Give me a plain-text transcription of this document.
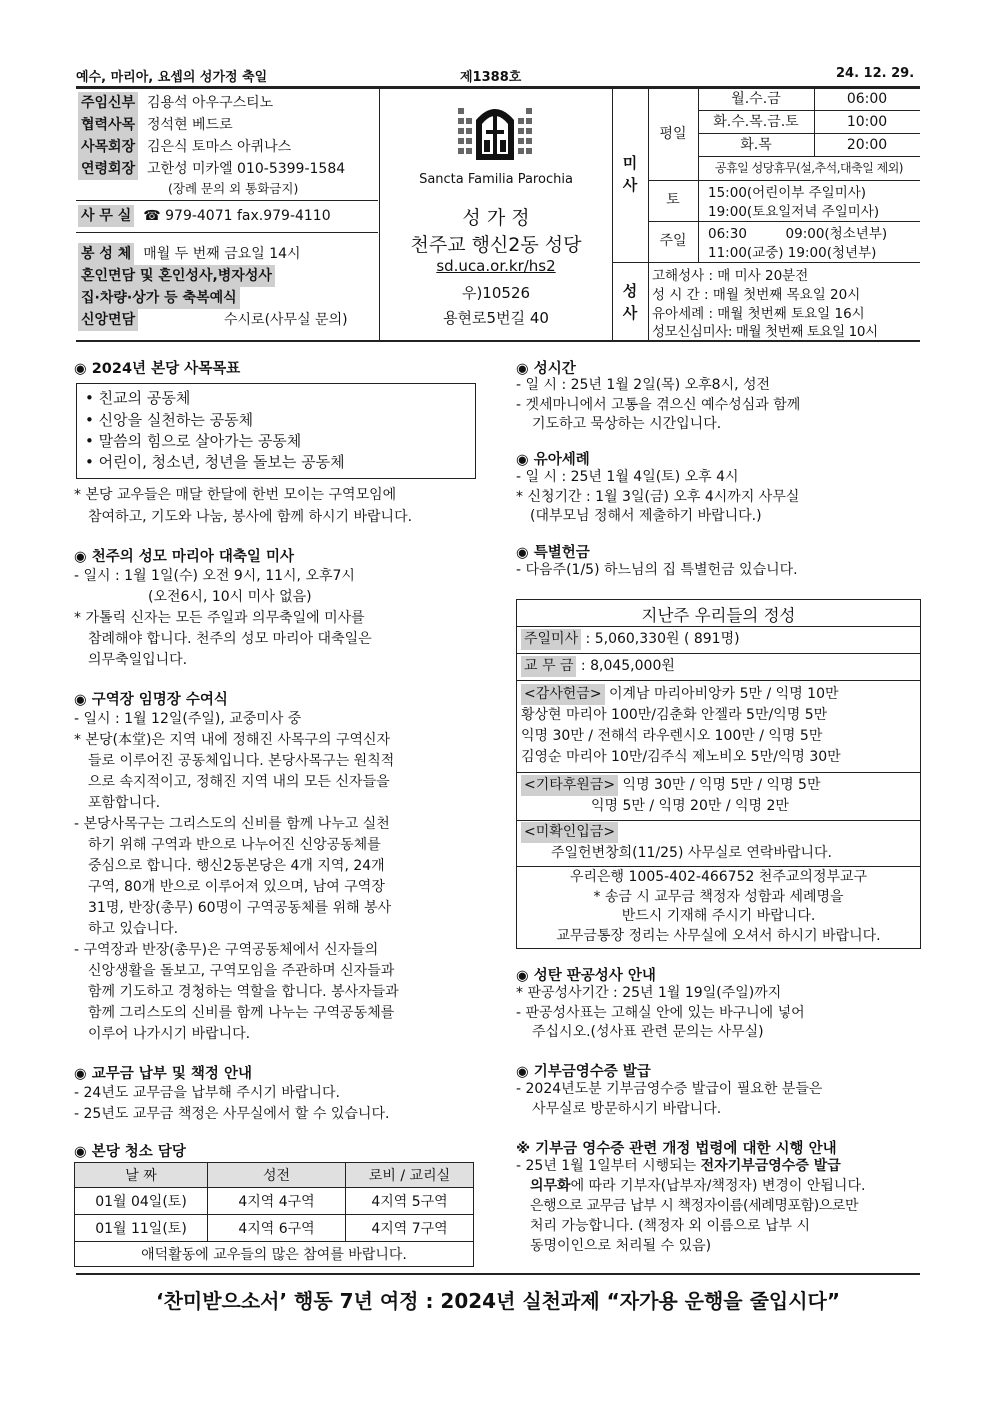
예수, 마리아, 요셉의 성가정 축일	제1388호	24. 12. 29.
주임신부 김용석 아우구스티노
협력사목 정석현 베드로
사목회장 김은식 토마스 아퀴나스
연령회장 고한성 미카엘 010-5399-1584
(장례 문의 외 통화금지)
사 무 실 ☎ 979-4071 fax.979-4110
봉 성 체 매월 두 번째 금요일 14시
혼인면담 및 혼인성사,병자성사
집·차량·상가 등 축복예식
신앙면담	수시로(사무실 문의)
Sancta Familia Parochia
성 가 정
천주교 행신2동 성당
sd.uca.or.kr/hs2
우)10526
용현로5번길 40
미
사
평일
월.수.금	06:00
화.수.목.금.토	10:00
화.목	20:00
공휴일 성당휴무(설,추석,대축일 제외)
토	15:00(어린이부 주일미사)
19:00(토요일저녁 주일미사)
주일	06:30         09:00(청소년부)
11:00(교중) 19:00(청년부)
성
사
고해성사 : 매 미사 20분전
성 시 간 : 매월 첫번째 목요일 20시
유아세례 : 매월 첫번째 토요일 16시
성모신심미사: 매월 첫번째 토요일 10시
◉ 2024년 본당 사목목표
• 친교의 공동체
• 신앙을 실천하는 공동체
• 말씀의 힘으로 살아가는 공동체
• 어린이, 청소년, 청년을 돌보는 공동체
* 본당 교우들은 매달 한달에 한번 모이는 구역모임에
참여하고, 기도와 나눔, 봉사에 함께 하시기 바랍니다.
◉ 천주의 성모 마리아 대축일 미사
- 일시 : 1월 1일(수) 오전 9시, 11시, 오후7시
(오전6시, 10시 미사 없음)
* 가톨릭 신자는 모든 주일과 의무축일에 미사를
참례해야 합니다. 천주의 성모 마리아 대축일은
의무축일입니다.
◉ 구역장 임명장 수여식
- 일시 : 1월 12일(주일), 교중미사 중
* 본당(本堂)은 지역 내에 정해진 사목구의 구역신자
들로 이루어진 공동체입니다. 본당사목구는 원칙적
으로 속지적이고, 정해진 지역 내의 모든 신자들을
포함합니다.
- 본당사목구는 그리스도의 신비를 함께 나누고 실천
하기 위해 구역과 반으로 나누어진 신앙공동체를
중심으로 합니다. 행신2동본당은 4개 지역, 24개
구역, 80개 반으로 이루어져 있으며, 남여 구역장
31명, 반장(총무) 60명이 구역공동체를 위해 봉사
하고 있습니다.
- 구역장과 반장(총무)은 구역공동체에서 신자들의
신앙생활을 돌보고, 구역모임을 주관하며 신자들과
함께 기도하고 경청하는 역할을 합니다. 봉사자들과
함께 그리스도의 신비를 함께 나누는 구역공동체를
이루어 나가시기 바랍니다.
◉ 교무금 납부 및 책정 안내
- 24년도 교무금을 납부해 주시기 바랍니다.
- 25년도 교무금 책정은 사무실에서 할 수 있습니다.
◉ 본당 청소 담당
날 짜	성전	로비 / 교리실
01월 04일(토)	4지역 4구역	4지역 5구역
01월 11일(토)	4지역 6구역	4지역 7구역
애덕활동에 교우들의 많은 참여를 바랍니다.		
◉ 성시간
- 일 시 : 25년 1월 2일(목) 오후8시, 성전
- 겟세마니에서 고통을 겪으신 예수성심과 함께
기도하고 묵상하는 시간입니다.
◉ 유아세례
- 일 시 : 25년 1월 4일(토) 오후 4시
* 신청기간 : 1월 3일(금) 오후 4시까지 사무실
(대부모님 정해서 제출하기 바랍니다.)
◉ 특별헌금
- 다음주(1/5) 하느님의 집 특별헌금 있습니다.
지난주 우리들의 정성
주일미사 : 5,060,330원 ( 891명)
교 무 금 : 8,045,000원
<감사헌금> 이계남 마리아비앙카 5만 / 익명 10만
황상현 마리아 100만/김춘화 안젤라 5만/익명 5만
익명 30만 / 전해석 라우렌시오 100만 / 익명 5만
김영순 마리아 10만/김주식 제노비오 5만/익명 30만
<기타후원금> 익명 30만 / 익명 5만 / 익명 5만
익명 5만 / 익명 20만 / 익명 2만
<미확인입금>
주일헌변창희(11/25) 사무실로 연락바랍니다.
우리은행 1005-402-466752 천주교의정부교구
* 송금 시 교무금 책정자 성함과 세례명을
반드시 기재해 주시기 바랍니다.
교무금통장 정리는 사무실에 오셔서 하시기 바랍니다.
◉ 성탄 판공성사 안내
* 판공성사기간 : 25년 1월 19일(주일)까지
- 판공성사표는 고해실 안에 있는 바구니에 넣어
주십시오.(성사표 관련 문의는 사무실)
◉ 기부금영수증 발급
- 2024년도분 기부금영수증 발급이 필요한 분들은
사무실로 방문하시기 바랍니다.
※ 기부금 영수증 관련 개정 법령에 대한 시행 안내
- 25년 1월 1일부터 시행되는 전자기부금영수증 발급
의무화에 따라 기부자(납부자/책정자) 변경이 안됩니다.
은행으로 교무금 납부 시 책정자이름(세례명포함)으로만
처리 가능합니다. (책정자 외 이름으로 납부 시
동명이인으로 처리될 수 있음)
‘찬미받으소서’ 행동 7년 여정 : 2024년 실천과제 “자가용 운행을 줄입시다”
